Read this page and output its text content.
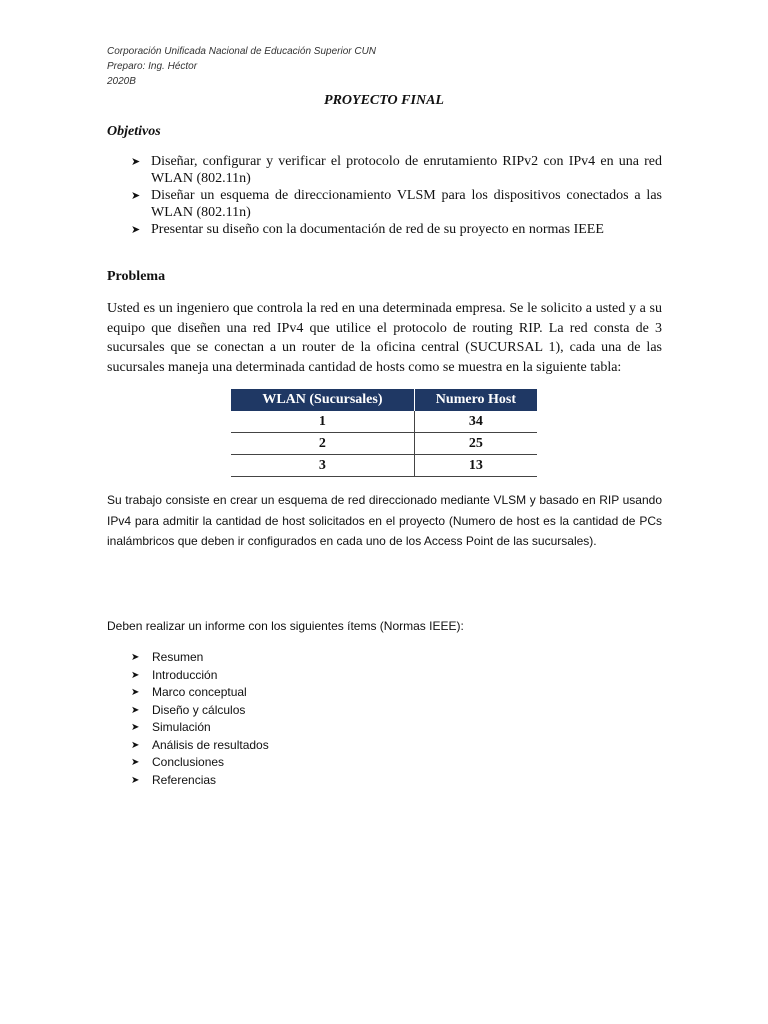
Corporación Unificada Nacional de Educación Superior CUN
Preparo: Ing. Héctor
2020B
PROYECTO FINAL
Objetivos
➤ Diseñar, configurar y verificar el protocolo de enrutamiento RIPv2 con IPv4 en una red WLAN (802.11n)
➤ Diseñar un esquema de direccionamiento VLSM para los dispositivos conectados a las WLAN (802.11n)
➤ Presentar su diseño con la documentación de red de su proyecto en normas IEEE
Problema

Usted es un ingeniero que controla la red en una determinada empresa. Se le solicito a usted y a su equipo que diseñen una red IPv4 que utilice el protocolo de routing RIP. La red consta de 3 sucursales que se conectan a un router de la oficina central (SUCURSAL 1), cada una de las sucursales maneja una determinada cantidad de hosts como se muestra en la siguiente tabla:

WLAN (Sucursales)	Numero Host
1	34
2	25
3	13

Su trabajo consiste en crear un esquema de red direccionado mediante VLSM y basado en RIP usando IPv4 para admitir la cantidad de host solicitados en el proyecto (Numero de host es la cantidad de PCs inalámbricos que deben ir configurados en cada uno de los Access Point de las sucursales).

Deben realizar un informe con los siguientes ítems (Normas IEEE):
➤ Resumen
➤ Introducción
➤ Marco conceptual
➤ Diseño y cálculos
➤ Simulación
➤ Análisis de resultados
➤ Conclusiones
➤ Referencias
